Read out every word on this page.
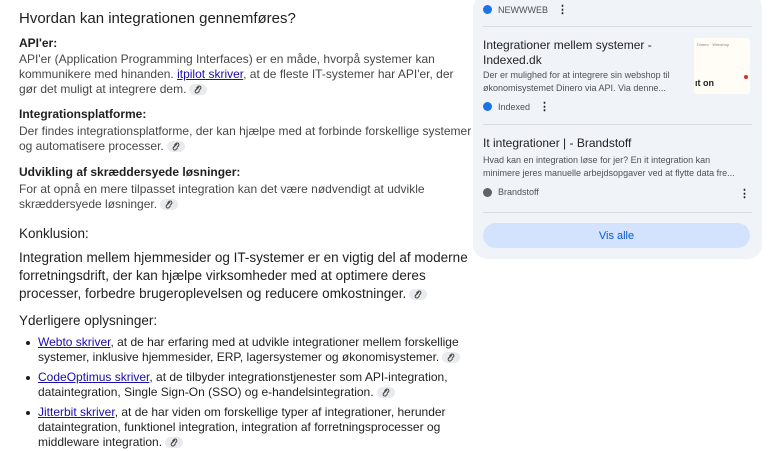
Hvordan kan integrationen gennemføres?
API'er:
API'er (Application Programming Interfaces) er en måde, hvorpå systemer kan
kommunikere med hinanden. itpilot skriver, at de fleste IT-systemer har API'er, der
gør det muligt at integrere dem.
Integrationsplatforme:
Der findes integrationsplatforme, der kan hjælpe med at forbinde forskellige systemer
og automatisere processer.
Udvikling af skræddersyede løsninger:
For at opnå en mere tilpasset integration kan det være nødvendigt at udvikle
skræddersyede løsninger.
Konklusion:
Integration mellem hjemmesider og IT-systemer er en vigtig del af moderne
forretningsdrift, der kan hjælpe virksomheder med at optimere deres
processer, forbedre brugeroplevelsen og reducere omkostninger.
Yderligere oplysninger:
Webto skriver, at de har erfaring med at udvikle integrationer mellem forskellige
systemer, inklusive hjemmesider, ERP, lagersystemer og økonomisystemer.
CodeOptimus skriver, at de tilbyder integrationstjenester som API-integration,
dataintegration, Single Sign-On (SSO) og e-handelsintegration.
Jitterbit skriver, at de har viden om forskellige typer af integrationer, herunder
dataintegration, funktionel integration, integration af forretningsprocesser og
middleware integration.
NEWWWEB ⋮
Integrationer mellem systemer -
Indexed.dk
Der er mulighed for at integrere sin webshop til
økonomisystemet Dinero via API. Via denne...
Dinero · Webshop
ıt on
Indexed ⋮
It integrationer | - Brandstoff
Hvad kan en integration løse for jer? En it integration kan
minimere jeres manuelle arbejdsopgaver ved at flytte data fre...
Brandstoff	⋮
Vis alle
